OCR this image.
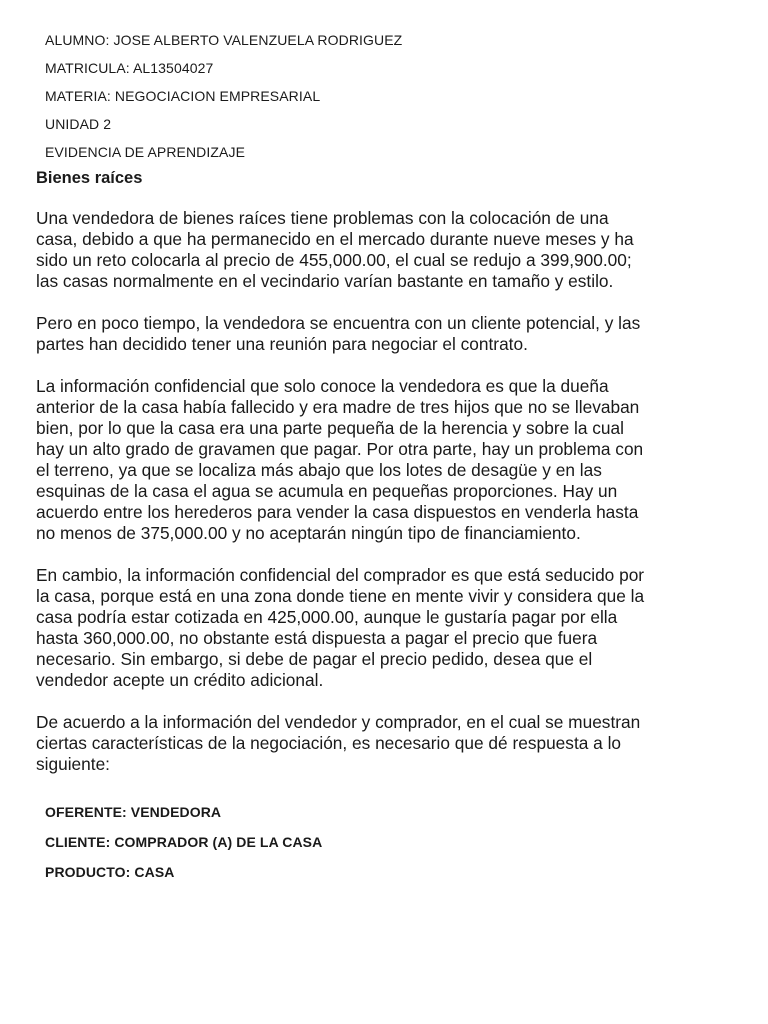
ALUMNO: JOSE ALBERTO VALENZUELA RODRIGUEZ
MATRICULA: AL13504027
MATERIA: NEGOCIACION EMPRESARIAL
UNIDAD 2
EVIDENCIA DE APRENDIZAJE
Bienes raíces

Una vendedora de bienes raíces tiene problemas con la colocación de una
casa, debido a que ha permanecido en el mercado durante nueve meses y ha
sido un reto colocarla al precio de 455,000.00, el cual se redujo a 399,900.00;
las casas normalmente en el vecindario varían bastante en tamaño y estilo.

Pero en poco tiempo, la vendedora se encuentra con un cliente potencial, y las
partes han decidido tener una reunión para negociar el contrato.

La información confidencial que solo conoce la vendedora es que la dueña
anterior de la casa había fallecido y era madre de tres hijos que no se llevaban
bien, por lo que la casa era una parte pequeña de la herencia y sobre la cual
hay un alto grado de gravamen que pagar. Por otra parte, hay un problema con
el terreno, ya que se localiza más abajo que los lotes de desagüe y en las
esquinas de la casa el agua se acumula en pequeñas proporciones. Hay un
acuerdo entre los herederos para vender la casa dispuestos en venderla hasta
no menos de 375,000.00 y no aceptarán ningún tipo de financiamiento.

En cambio, la información confidencial del comprador es que está seducido por
la casa, porque está en una zona donde tiene en mente vivir y considera que la
casa podría estar cotizada en 425,000.00, aunque le gustaría pagar por ella
hasta 360,000.00, no obstante está dispuesta a pagar el precio que fuera
necesario. Sin embargo, si debe de pagar el precio pedido, desea que el
vendedor acepte un crédito adicional.

De acuerdo a la información del vendedor y comprador, en el cual se muestran
ciertas características de la negociación, es necesario que dé respuesta a lo
siguiente:

OFERENTE: VENDEDORA
CLIENTE: COMPRADOR (A) DE LA CASA
PRODUCTO: CASA
